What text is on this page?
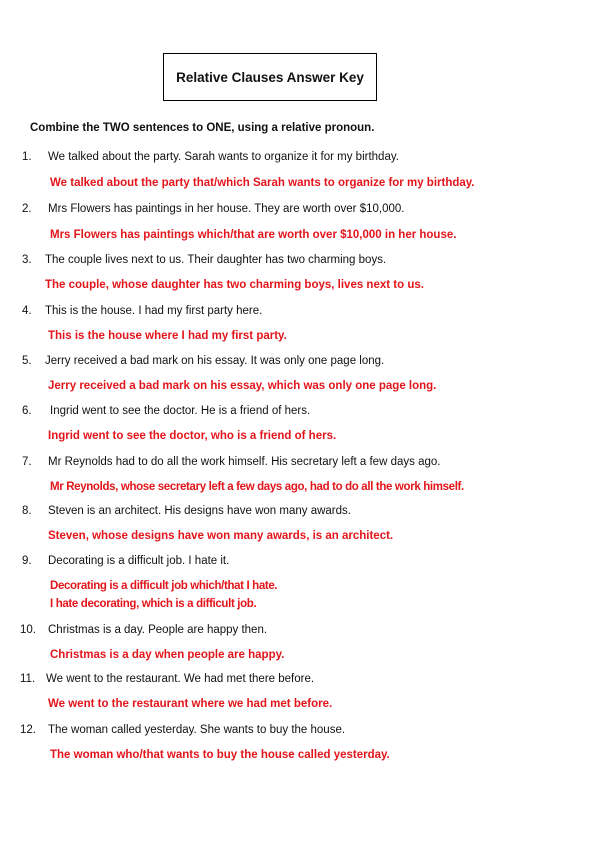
Relative Clauses Answer Key
Combine the TWO sentences to ONE, using a relative pronoun.
1. We talked about the party. Sarah wants to organize it for my birthday.
We talked about the party that/which Sarah wants to organize for my birthday.
2. Mrs Flowers has paintings in her house. They are worth over $10,000.
Mrs Flowers has paintings which/that are worth over $10,000 in her house.
3. The couple lives next to us. Their daughter has two charming boys.
The couple, whose daughter has two charming boys, lives next to us.
4. This is the house. I had my first party here.
This is the house where I had my first party.
5. Jerry received a bad mark on his essay. It was only one page long.
Jerry received a bad mark on his essay, which was only one page long.
6. Ingrid went to see the doctor. He is a friend of hers.
Ingrid went to see the doctor, who is a friend of hers.
7. Mr Reynolds had to do all the work himself. His secretary left a few days ago.
Mr Reynolds, whose secretary left a few days ago, had to do all the work himself.
8. Steven is an architect. His designs have won many awards.
Steven, whose designs have won many awards, is an architect.
9. Decorating is a difficult job. I hate it.
Decorating is a difficult job which/that I hate.
I hate decorating, which is a difficult job.
10. Christmas is a day. People are happy then.
Christmas is a day when people are happy.
11. We went to the restaurant. We had met there before.
We went to the restaurant where we had met before.
12. The woman called yesterday. She wants to buy the house.
The woman who/that wants to buy the house called yesterday.
